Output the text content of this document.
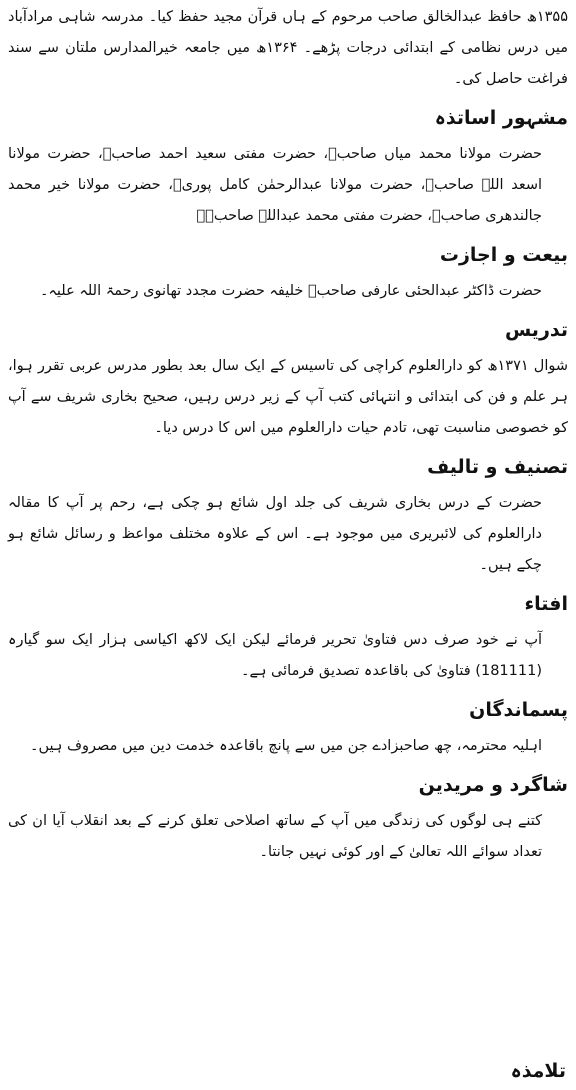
۱۳۵۵ھ حافظ عبدالخالق صاحب مرحوم کے ہاں قرآن مجید حفظ کیا۔ مدرسہ شاہی مرادآباد میں درس نظامی کے ابتدائی درجات پڑھے۔ ۱۳۶۴ھ میں جامعہ خیرالمدارس ملتان سے سند فراغت حاصل کی۔

مشہور اساتذہ

حضرت مولانا محمد میاں صاحبؒ، حضرت مفتی سعید احمد صاحبؒ، حضرت مولانا اسعد اللہ صاحبؒ، حضرت مولانا عبدالرحمٰن کامل پوریؒ، حضرت مولانا خیر محمد جالندھری صاحبؒ، حضرت مفتی محمد عبداللہ صاحبؒ۔

بیعت و اجازت

حضرت ڈاکٹر عبدالحئی عارفی صاحبؒ خلیفہ حضرت مجدد تھانوی رحمۃ اللہ علیہ۔

تدریس

شوال ۱۳۷۱ھ کو دارالعلوم کراچی کی تاسیس کے ایک سال بعد بطور مدرس عربی تقرر ہوا، ہر علم و فن کی ابتدائی و انتہائی کتب آپ کے زیر درس رہیں، صحیح بخاری شریف سے آپ کو خصوصی مناسبت تھی، تادم حیات دارالعلوم میں اس کا درس دیا۔

تصنیف و تالیف

حضرت کے درس بخاری شریف کی جلد اول شائع ہو چکی ہے، رحم پر آپ کا مقالہ دارالعلوم کی لائبریری میں موجود ہے۔ اس کے علاوہ مختلف مواعظ و رسائل شائع ہو چکے ہیں۔

افتاء

آپ نے خود صرف دس فتاویٰ تحریر فرمائے لیکن ایک لاکھ اکیاسی ہزار ایک سو گیارہ (181111) فتاویٰ کی باقاعدہ تصدیق فرمائی ہے۔

پسماندگان

اہلیہ محترمہ، چھ صاحبزادے جن میں سے پانچ باقاعدہ خدمت دین میں مصروف ہیں۔

شاگرد و مریدین

کتنے ہی لوگوں کی زندگی میں آپ کے ساتھ اصلاحی تعلق کرنے کے بعد انقلاب آیا ان کی تعداد سوائے اللہ تعالیٰ کے اور کوئی نہیں جانتا۔

تلامذہ
